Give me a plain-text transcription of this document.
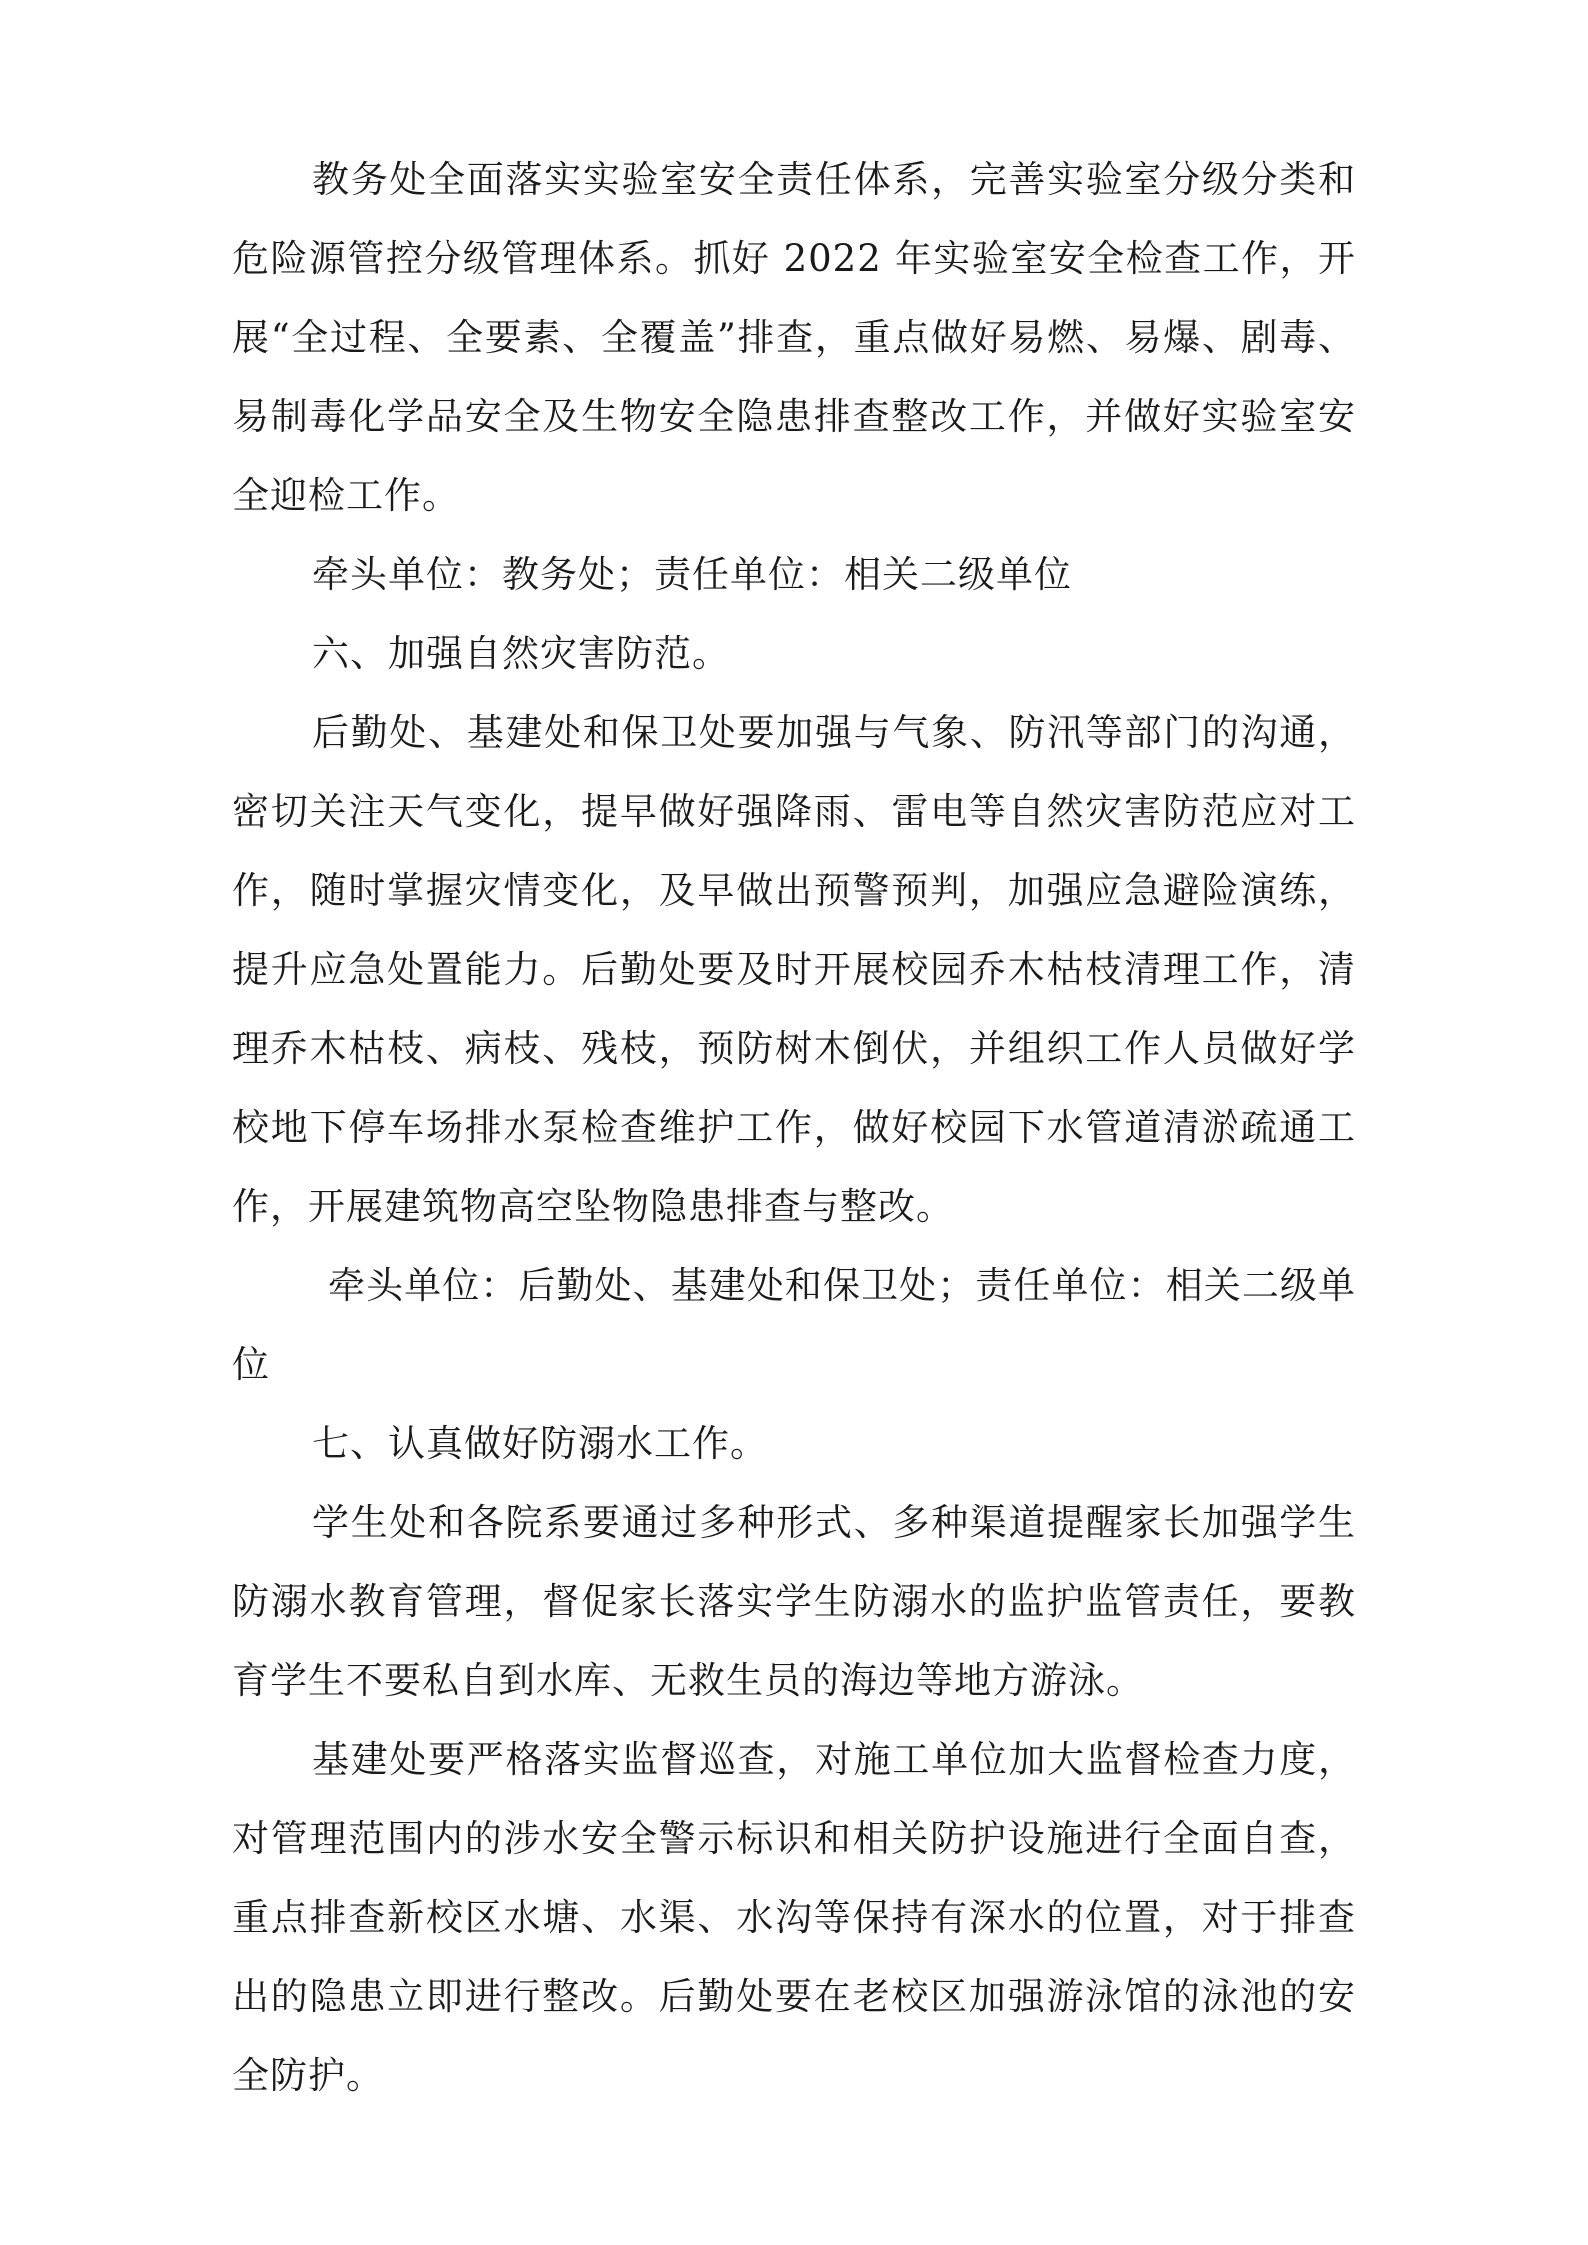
教务处全面落实实验室安全责任体系，完善实验室分级分类和危险源管控分级管理体系。抓好 2022 年实验室安全检查工作，开展“全过程、全要素、全覆盖”排查，重点做好易燃、易爆、剧毒、易制毒化学品安全及生物安全隐患排查整改工作，并做好实验室安全迎检工作。

牵头单位：教务处；责任单位：相关二级单位

六、加强自然灾害防范。

后勤处、基建处和保卫处要加强与气象、防汛等部门的沟通，密切关注天气变化，提早做好强降雨、雷电等自然灾害防范应对工作，随时掌握灾情变化，及早做出预警预判，加强应急避险演练，提升应急处置能力。后勤处要及时开展校园乔木枯枝清理工作，清理乔木枯枝、病枝、残枝，预防树木倒伏，并组织工作人员做好学校地下停车场排水泵检查维护工作，做好校园下水管道清淤疏通工作，开展建筑物高空坠物隐患排查与整改。

牵头单位：后勤处、基建处和保卫处；责任单位：相关二级单位

七、认真做好防溺水工作。

学生处和各院系要通过多种形式、多种渠道提醒家长加强学生防溺水教育管理，督促家长落实学生防溺水的监护监管责任，要教育学生不要私自到水库、无救生员的海边等地方游泳。

基建处要严格落实监督巡查，对施工单位加大监督检查力度，对管理范围内的涉水安全警示标识和相关防护设施进行全面自查，重点排查新校区水塘、水渠、水沟等保持有深水的位置，对于排查出的隐患立即进行整改。后勤处要在老校区加强游泳馆的泳池的安全防护。
